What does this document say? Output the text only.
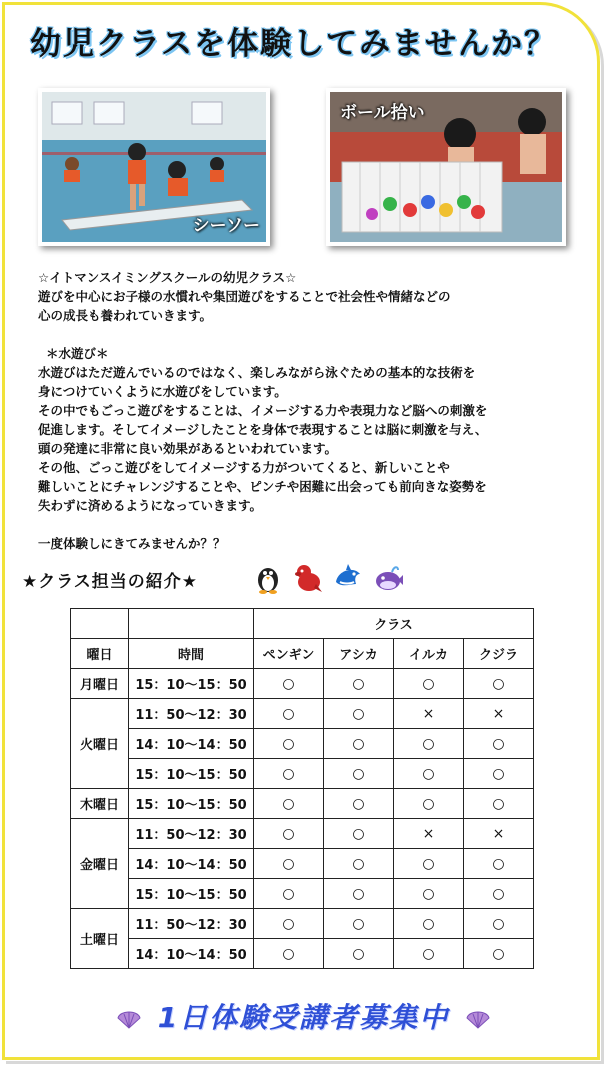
幼児クラスを体験してみませんか？
シーソー
ボール拾い

☆イトマンスイミングスクールの幼児クラス☆

遊びを中心にお子様の水慣れや集団遊びをすることで社会性や情緒などの
心の成長も養われていきます。

＊水遊び＊

水遊びはただ遊んでいるのではなく、楽しみながら泳ぐための基本的な技術を
身につけていくように水遊びをしています。
その中でもごっこ遊びをすることは、イメージする力や表現力など脳への刺激を
促進します。そしてイメージしたことを身体で表現することは脳に刺激を与え、
頭の発達に非常に良い効果があるといわれています。
その他、ごっこ遊びをしてイメージする力がついてくると、新しいことや
難しいことにチャレンジすることや、ピンチや困難に出会っても前向きな姿勢を
失わずに済めるようになっていきます。

一度体験しにきてみませんか？？

★クラス担当の紹介★
		クラス			
曜日	時間	ペンギン	アシカ	イルカ	クジラ
月曜日	15：10～15：50	○	○	○	○
火曜日	11：50～12：30	○	○	×	×
	14：10～14：50	○	○	○	○
	15：10～15：50	○	○	○	○
木曜日	15：10～15：50	○	○	○	○
金曜日	11：50～12：30	○	○	×	×
	14：10～14：50	○	○	○	○
	15：10～15：50	○	○	○	○
土曜日	11：50～12：30	○	○	○	○
	14：10～14：50	○	○	○	○
1日体験受講者募集中
